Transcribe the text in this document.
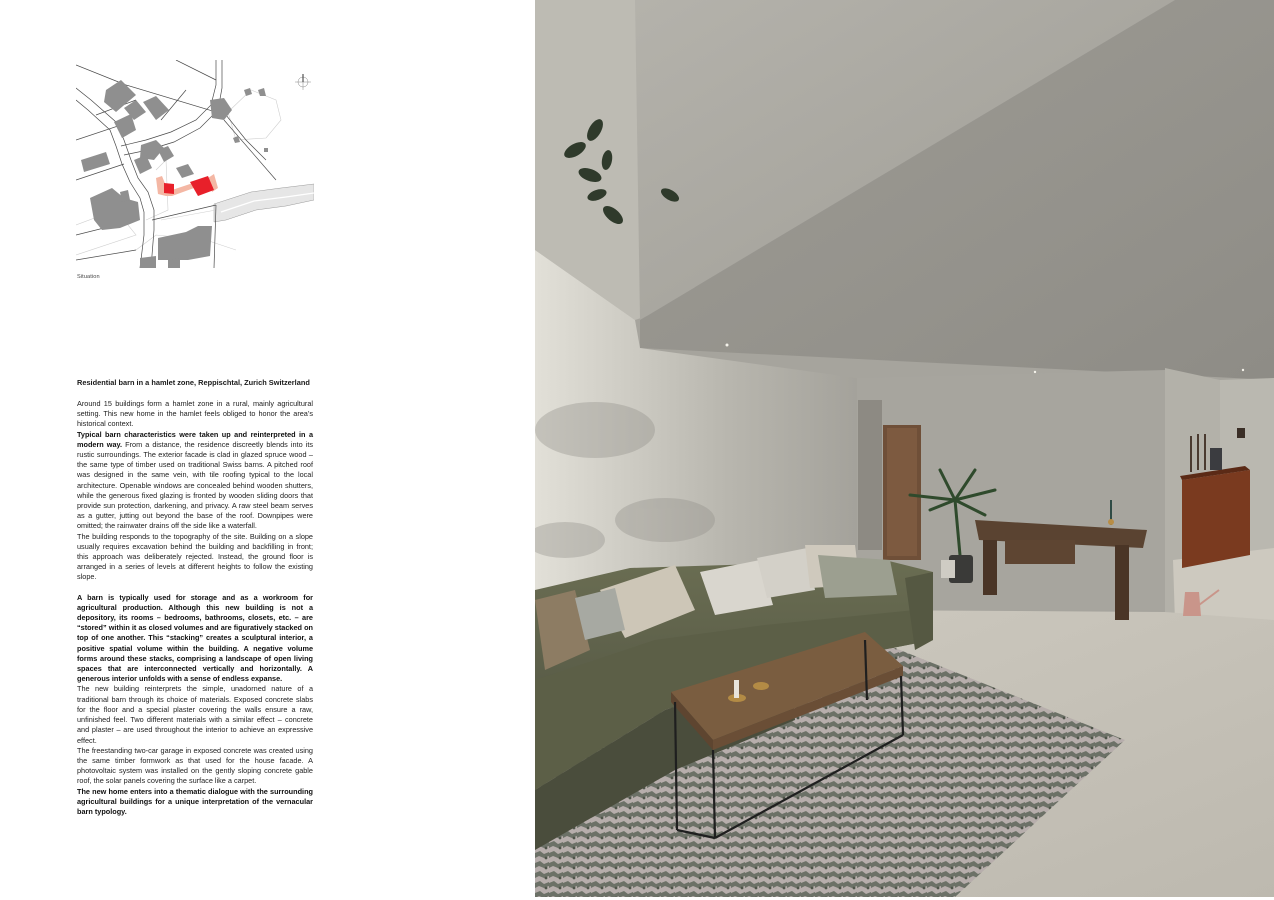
Situation
Residential barn in a hamlet zone, Reppischtal, Zurich Switzerland

Around 15 buildings form a hamlet zone in a rural, mainly agricultural setting. This new home in the hamlet feels obliged to honor the area’s historical context.

Typical barn characteristics were taken up and reinterpreted in a modern way. From a distance, the residence discreetly blends into its rustic surroundings. The exterior facade is clad in glazed spruce wood – the same type of timber used on traditional Swiss barns. A pitched roof was designed in the same vein, with tile roofing typical to the local architecture. Openable windows are concealed behind wooden shutters, while the generous fixed glazing is fronted by wooden sliding doors that provide sun protection, darkening, and privacy. A raw steel beam serves as a gutter, jutting out beyond the base of the roof. Downpipes were omitted; the rainwater drains off the side like a waterfall.

The building responds to the topography of the site. Building on a slope usually requires excavation behind the building and backfilling in front; this approach was deliberately rejected. Instead, the ground floor is arranged in a series of levels at different heights to follow the existing slope.

A barn is typically used for storage and as a workroom for agricultural production. Although this new building is not a depository, its rooms – bedrooms, bathrooms, closets, etc. – are “stored” within it as closed volumes and are figuratively stacked on top of one another. This “stacking” creates a sculptural interior, a positive spatial volume within the building. A negative volume forms around these stacks, comprising a landscape of open living spaces that are interconnected vertically and horizontally. A generous interior unfolds with a sense of endless expanse.

The new building reinterprets the simple, unadorned nature of a traditional barn through its choice of materials. Exposed concrete slabs for the floor and a special plaster covering the walls ensure a raw, unfinished feel. Two different materials with a similar effect – concrete and plaster – are used throughout the interior to achieve an expressive effect.

The freestanding two-car garage in exposed concrete was created using the same timber formwork as that used for the house facade. A photovoltaic system was installed on the gently sloping concrete gable roof, the solar panels covering the surface like a carpet.

The new home enters into a thematic dialogue with the surrounding agricultural buildings for a unique interpretation of the vernacular barn typology.
